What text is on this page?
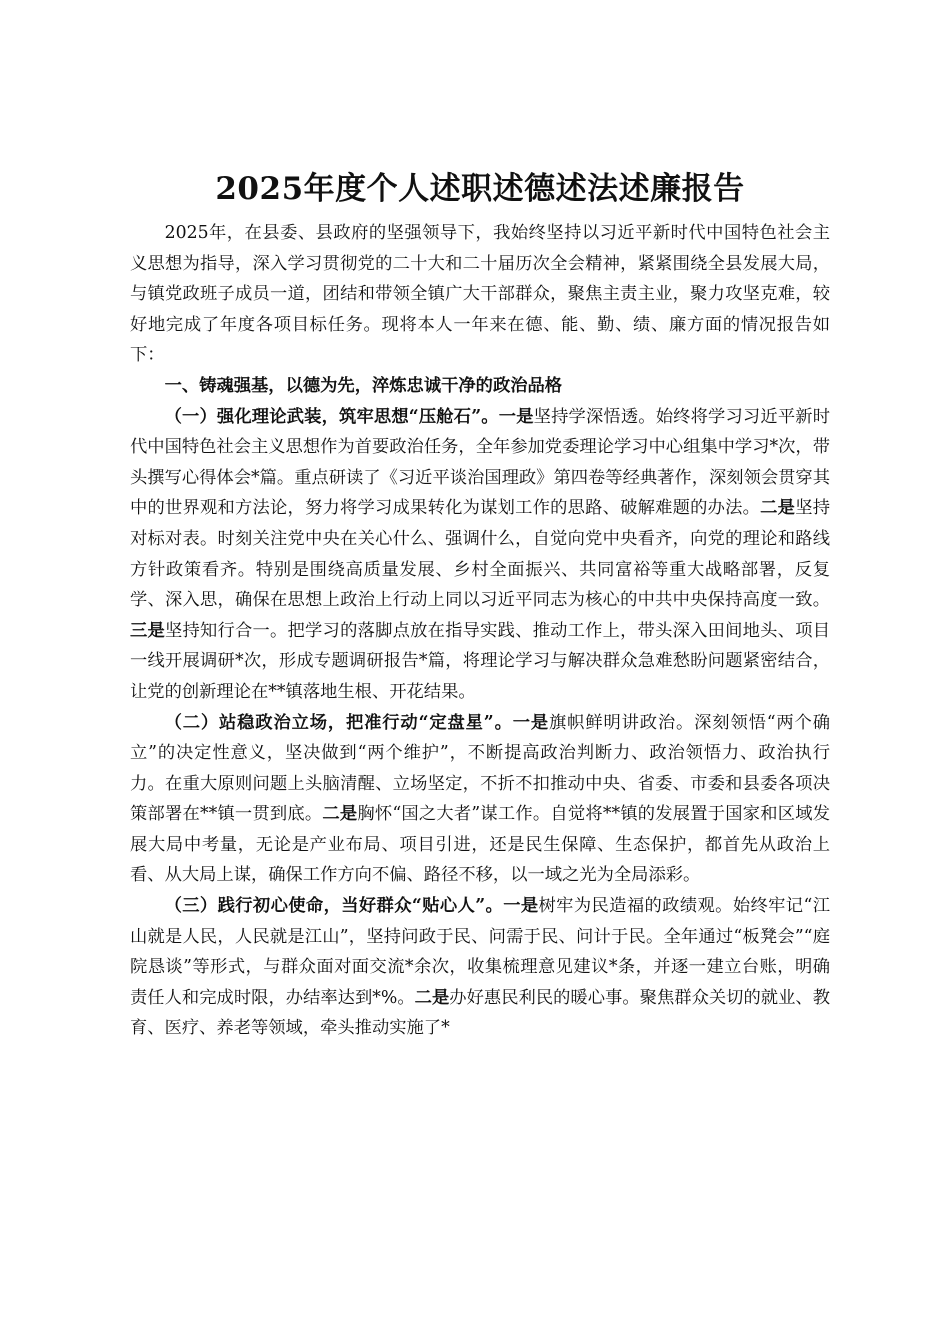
2025年度个人述职述德述法述廉报告

2025年，在县委、县政府的坚强领导下，我始终坚持以习近平新时代中国特色社会主义思想为指导，深入学习贯彻党的二十大和二十届历次全会精神，紧紧围绕全县发展大局，与镇党政班子成员一道，团结和带领全镇广大干部群众，聚焦主责主业，聚力攻坚克难，较好地完成了年度各项目标任务。现将本人一年来在德、能、勤、绩、廉方面的情况报告如下：

一、铸魂强基，以德为先，淬炼忠诚干净的政治品格

（一）强化理论武装，筑牢思想“压舱石”。一是坚持学深悟透。始终将学习习近平新时代中国特色社会主义思想作为首要政治任务，全年参加党委理论学习中心组集中学习*次，带头撰写心得体会*篇。重点研读了《习近平谈治国理政》第四卷等经典著作，深刻领会贯穿其中的世界观和方法论，努力将学习成果转化为谋划工作的思路、破解难题的办法。二是坚持对标对表。时刻关注党中央在关心什么、强调什么，自觉向党中央看齐，向党的理论和路线方针政策看齐。特别是围绕高质量发展、乡村全面振兴、共同富裕等重大战略部署，反复学、深入思，确保在思想上政治上行动上同以习近平同志为核心的中共中央保持高度一致。三是坚持知行合一。把学习的落脚点放在指导实践、推动工作上，带头深入田间地头、项目一线开展调研*次，形成专题调研报告*篇，将理论学习与解决群众急难愁盼问题紧密结合，让党的创新理论在**镇落地生根、开花结果。

（二）站稳政治立场，把准行动“定盘星”。一是旗帜鲜明讲政治。深刻领悟“两个确立”的决定性意义，坚决做到“两个维护”，不断提高政治判断力、政治领悟力、政治执行力。在重大原则问题上头脑清醒、立场坚定，不折不扣推动中央、省委、市委和县委各项决策部署在**镇一贯到底。二是胸怀“国之大者”谋工作。自觉将**镇的发展置于国家和区域发展大局中考量，无论是产业布局、项目引进，还是民生保障、生态保护，都首先从政治上看、从大局上谋，确保工作方向不偏、路径不移，以一域之光为全局添彩。

（三）践行初心使命，当好群众“贴心人”。一是树牢为民造福的政绩观。始终牢记“江山就是人民，人民就是江山”，坚持问政于民、问需于民、问计于民。全年通过“板凳会”“庭院恳谈”等形式，与群众面对面交流*余次，收集梳理意见建议*条，并逐一建立台账，明确责任人和完成时限，办结率达到*%。二是办好惠民利民的暖心事。聚焦群众关切的就业、教育、医疗、养老等领域，牵头推动实施了*
